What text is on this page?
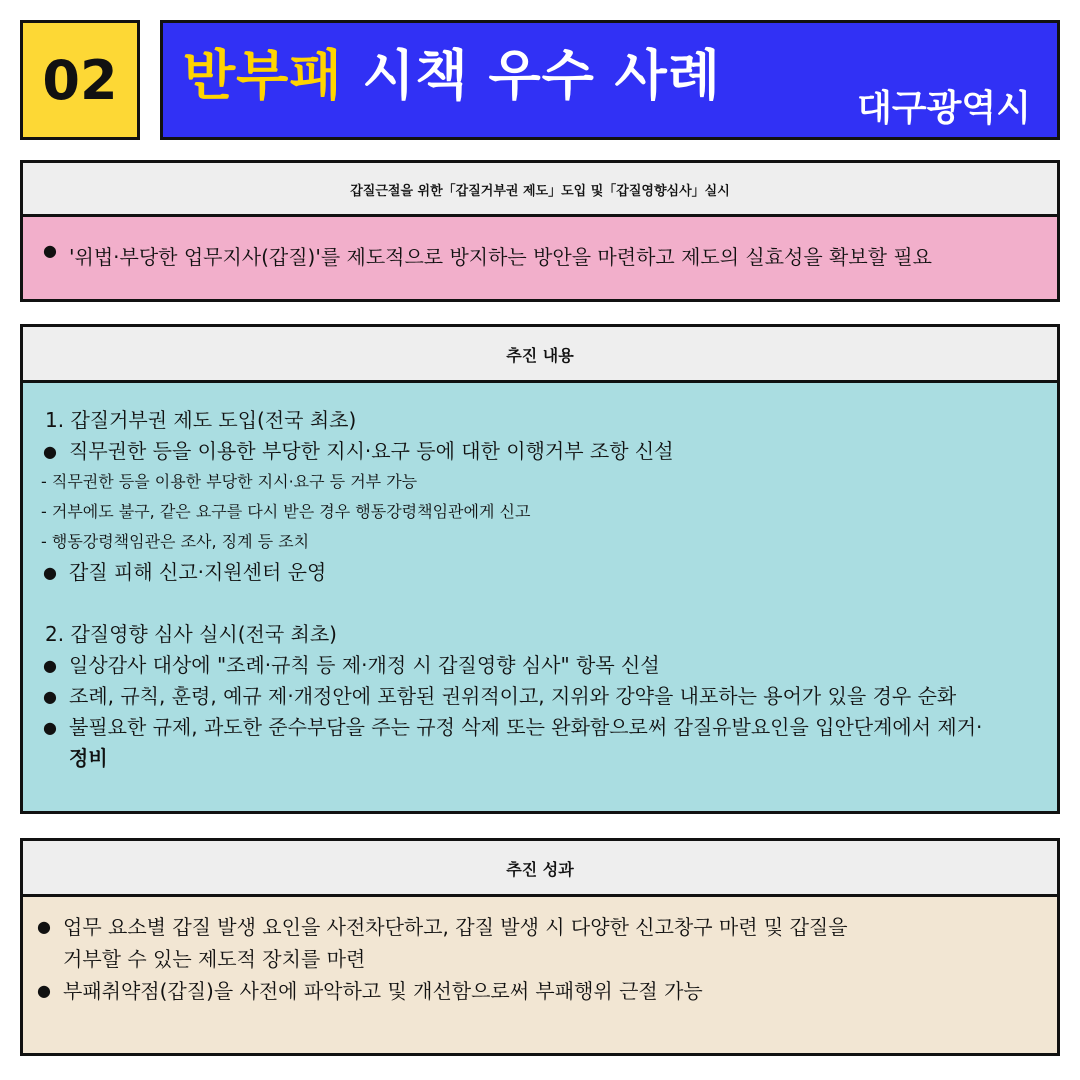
02 반부패 시책 우수 사례
대구광역시
갑질근절을 위한「갑질거부권 제도」도입 및「갑질영향심사」실시
● '위법·부당한 업무지사(갑질)'를 제도적으로 방지하는 방안을 마련하고 제도의 실효성을 확보할 필요
추진 내용
1. 갑질거부권 제도 도입(전국 최초)
● 직무권한 등을 이용한 부당한 지시·요구 등에 대한 이행거부 조항 신설
- 직무권한 등을 이용한 부당한 지시·요구 등 거부 가능
- 거부에도 불구, 같은 요구를 다시 받은 경우 행동강령책임관에게 신고
- 행동강령책임관은 조사, 징계 등 조치
● 갑질 피해 신고·지원센터 운영
2. 갑질영향 심사 실시(전국 최초)
● 일상감사 대상에 "조례·규칙 등 제·개정 시 갑질영향 심사" 항목 신설
● 조례, 규칙, 훈령, 예규 제·개정안에 포함된 권위적이고, 지위와 강약을 내포하는 용어가 있을 경우 순화
● 불필요한 규제, 과도한 준수부담을 주는 규정 삭제 또는 완화함으로써 갑질유발요인을 입안단계에서 제거·
● 정비
추진 성과
● 업무 요소별 갑질 발생 요인을 사전차단하고, 갑질 발생 시 다양한 신고창구 마련 및 갑질을
거부할 수 있는 제도적 장치를 마련
● 부패취약점(갑질)을 사전에 파악하고 및 개선함으로써 부패행위 근절 가능
